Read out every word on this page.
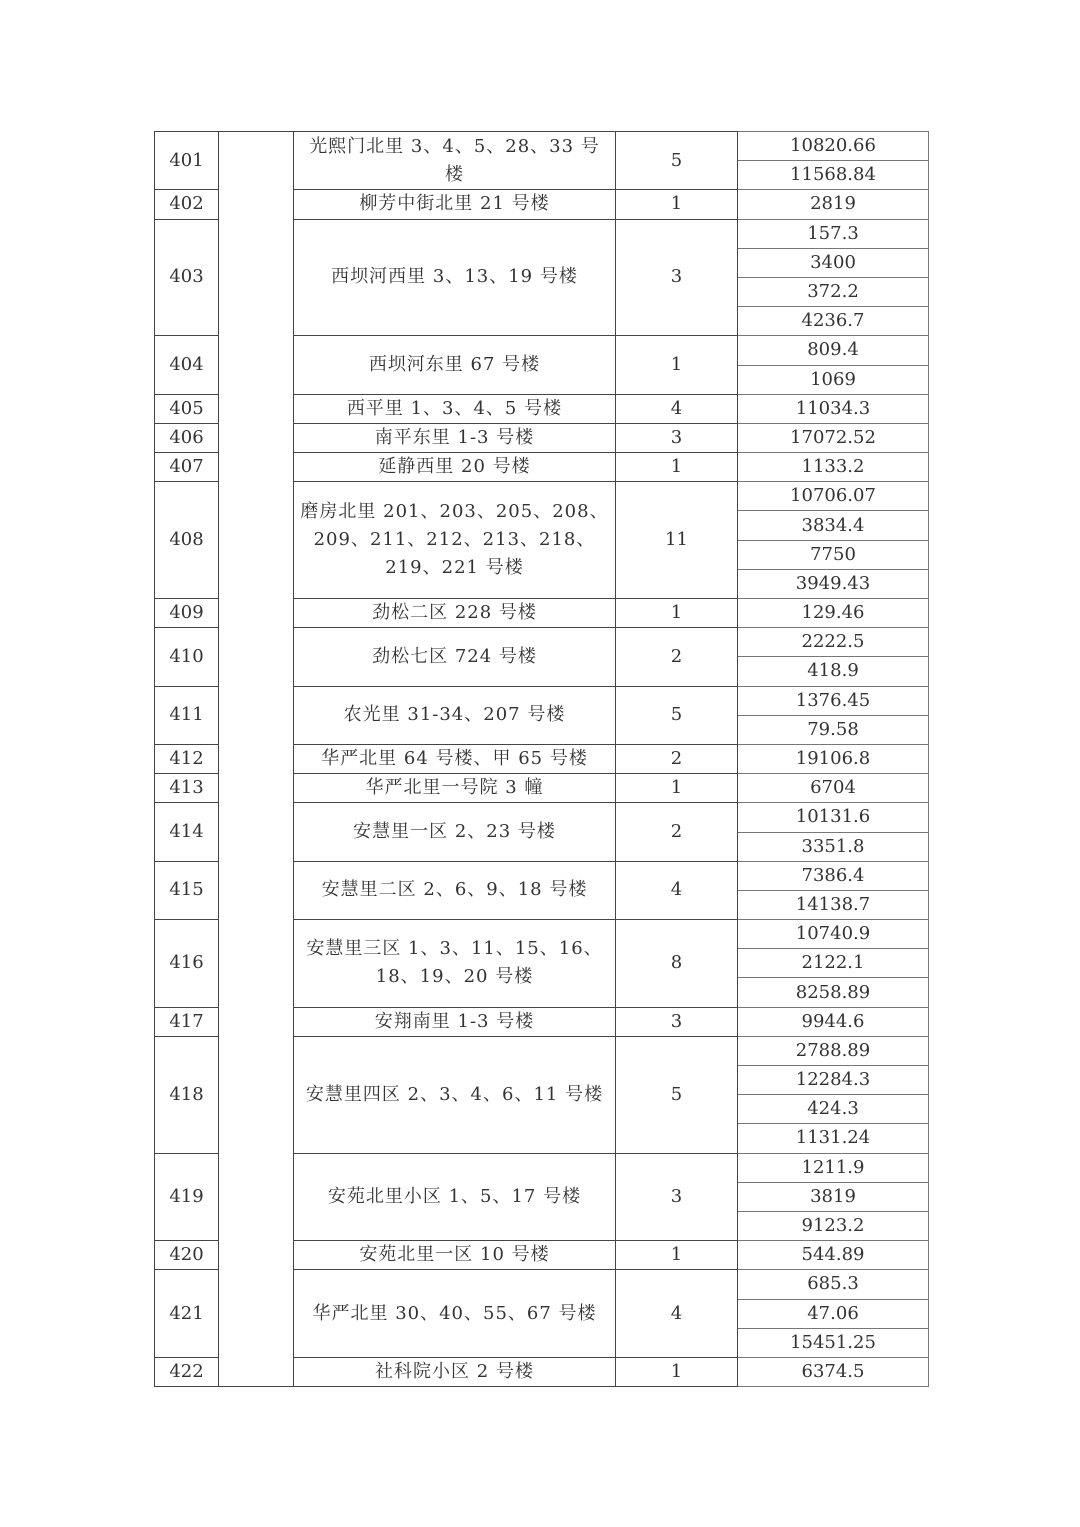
401		光熙门北里 3、4、5、28、33 号楼	5	10820.66
				11568.84
402		柳芳中街北里 21 号楼	1	2819
403		西坝河西里 3、13、19 号楼	3	157.3
				3400
				372.2
				4236.7
404		西坝河东里 67 号楼	1	809.4
				1069
405		西平里 1、3、4、5 号楼	4	11034.3
406		南平东里 1-3 号楼	3	17072.52
407		延静西里 20 号楼	1	1133.2
408		磨房北里 201、203、205、208、209、211、212、213、218、219、221 号楼	11	10706.07
				3834.4
				7750
				3949.43
409		劲松二区 228 号楼	1	129.46
410		劲松七区 724 号楼	2	2222.5
				418.9
411		农光里 31-34、207 号楼	5	1376.45
				79.58
412		华严北里 64 号楼、甲 65 号楼	2	19106.8
413		华严北里一号院 3 幢	1	6704
414		安慧里一区 2、23 号楼	2	10131.6
				3351.8
415		安慧里二区 2、6、9、18 号楼	4	7386.4
				14138.7
416		安慧里三区 1、3、11、15、16、18、19、20 号楼	8	10740.9
				2122.1
				8258.89
417		安翔南里 1-3 号楼	3	9944.6
418		安慧里四区 2、3、4、6、11 号楼	5	2788.89
				12284.3
				424.3
				1131.24
419		安苑北里小区 1、5、17 号楼	3	1211.9
				3819
				9123.2
420		安苑北里一区 10 号楼	1	544.89
421		华严北里 30、40、55、67 号楼	4	685.3
				47.06
				15451.25
422		社科院小区 2 号楼	1	6374.5
